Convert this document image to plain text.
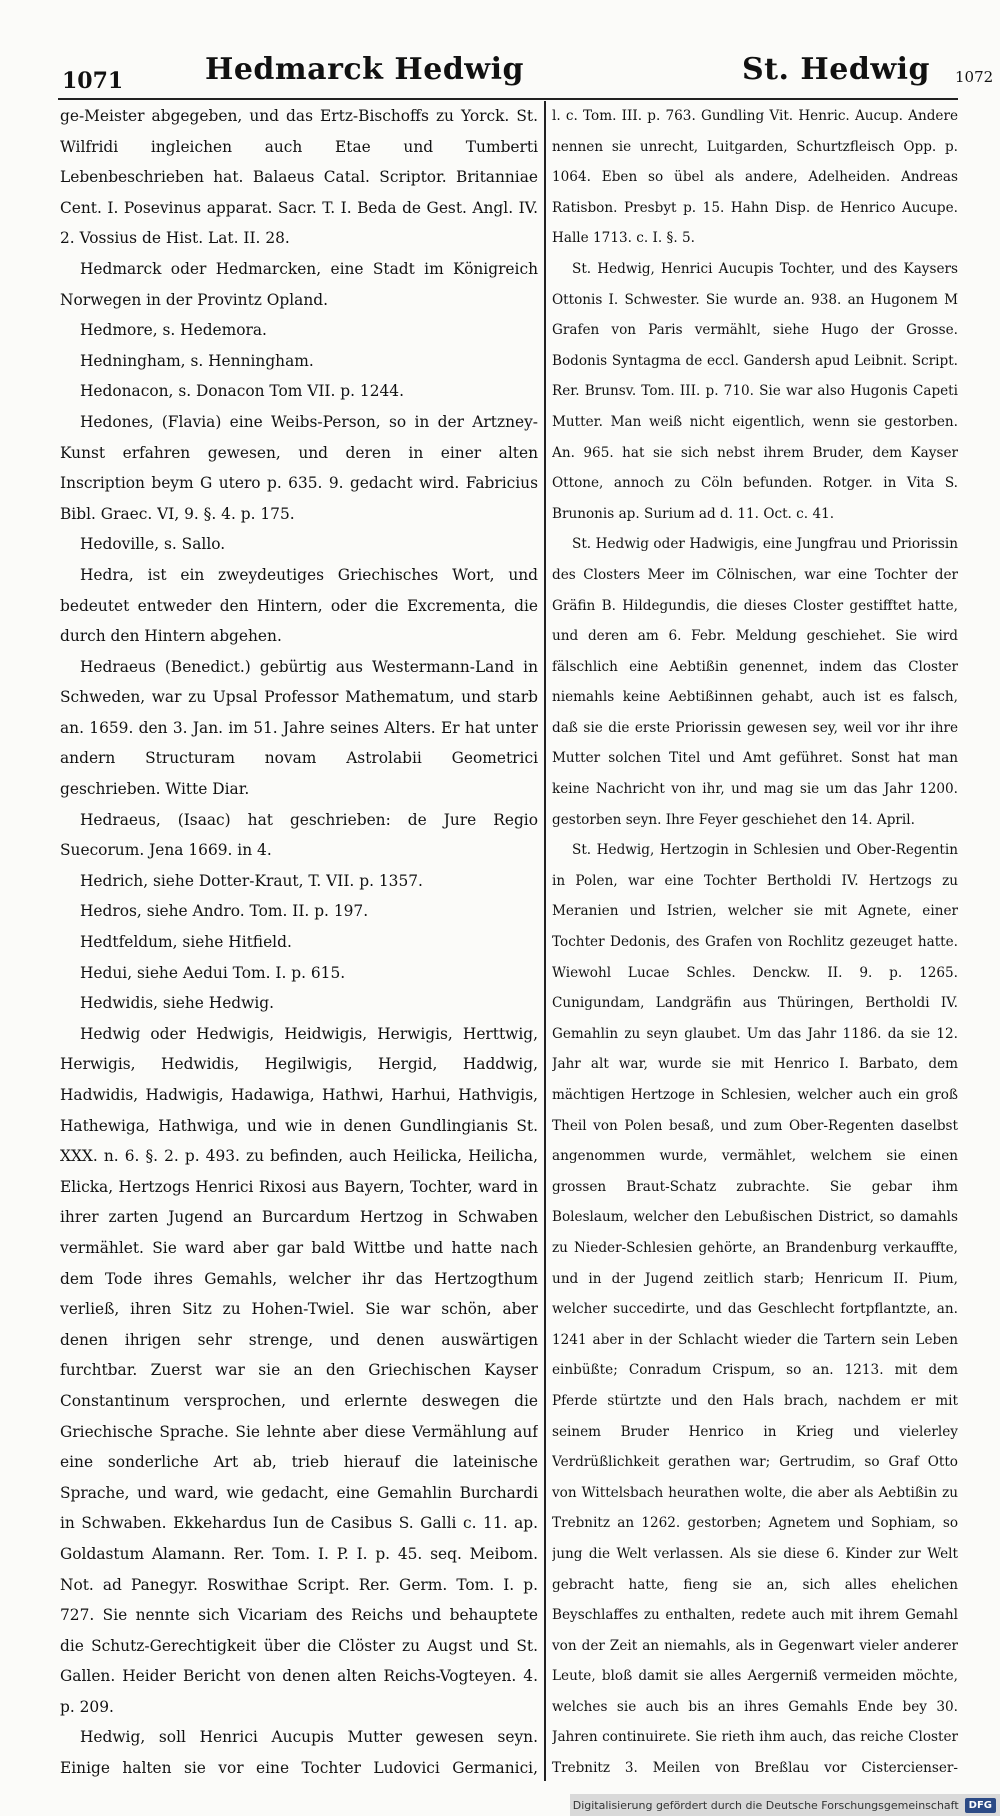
1071	Hedmarck Hedwig	St. Hedwig 1072

ge-Meister abgegeben, und das Ertz-Bischoffs zu Yorck. St. Wilfridi ingleichen auch Etae und Tumberti Lebenbeschrieben hat. Balaeus Catal. Scriptor. Britanniae Cent. I. Posevinus apparat. Sacr. T. I. Beda de Gest. Angl. IV. 2. Vossius de Hist. Lat. II. 28.

Hedmarck oder Hedmarcken, eine Stadt im Königreich Norwegen in der Provintz Opland.

Hedmore, s. Hedemora.

Hedningham, s. Henningham.

Hedonacon, s. Donacon Tom VII. p. 1244.

Hedones, (Flavia) eine Weibs-Person, so in der Artzney-Kunst erfahren gewesen, und deren in einer alten Inscription beym G utero p. 635. 9. gedacht wird. Fabricius Bibl. Graec. VI, 9. §. 4. p. 175.

Hedoville, s. Sallo.

Hedra, ist ein zweydeutiges Griechisches Wort, und bedeutet entweder den Hintern, oder die Excrementa, die durch den Hintern abgehen.

Hedraeus (Benedict.) gebürtig aus Westermann-Land in Schweden, war zu Upsal Professor Mathematum, und starb an. 1659. den 3. Jan. im 51. Jahre seines Alters. Er hat unter andern Structuram novam Astrolabii Geometrici geschrieben. Witte Diar.

Hedraeus, (Isaac) hat geschrieben: de Jure Regio Suecorum. Jena 1669. in 4.

Hedrich, siehe Dotter-Kraut, T. VII. p. 1357.

Hedros, siehe Andro. Tom. II. p. 197.

Hedtfeldum, siehe Hitfield.

Hedui, siehe Aedui Tom. I. p. 615.

Hedwidis, siehe Hedwig.

Hedwig oder Hedwigis, Heidwigis, Herwigis, Herttwig, Herwigis, Hedwidis, Hegilwigis, Hergid, Haddwig, Hadwidis, Hadwigis, Hadawiga, Hathwi, Harhui, Hathvigis, Hathewiga, Hathwiga, und wie in denen Gundlingianis St. XXX. n. 6. §. 2. p. 493. zu befinden, auch Heilicka, Heilicha, Elicka, Hertzogs Henrici Rixosi aus Bayern, Tochter, ward in ihrer zarten Jugend an Burcardum Hertzog in Schwaben vermählet. Sie ward aber gar bald Wittbe und hatte nach dem Tode ihres Gemahls, welcher ihr das Hertzogthum verließ, ihren Sitz zu Hohen-Twiel. Sie war schön, aber denen ihrigen sehr strenge, und denen auswärtigen furchtbar. Zuerst war sie an den Griechischen Kayser Constantinum versprochen, und erlernte deswegen die Griechische Sprache. Sie lehnte aber diese Vermählung auf eine sonderliche Art ab, trieb hierauf die lateinische Sprache, und ward, wie gedacht, eine Gemahlin Burchardi in Schwaben. Ekkehardus Iun de Casibus S. Galli c. 11. ap. Goldastum Alamann. Rer. Tom. I. P. I. p. 45. seq. Meibom. Not. ad Panegyr. Roswithae Script. Rer. Germ. Tom. I. p. 727. Sie nennte sich Vicariam des Reichs und behauptete die Schutz-Gerechtigkeit über die Clöster zu Augst und St. Gallen. Heider Bericht von denen alten Reichs-Vogteyen. 4. p. 209.

Hedwig, soll Henrici Aucupis Mutter gewesen seyn. Einige halten sie vor eine Tochter Ludovici Germanici,

l. c. Tom. III. p. 763. Gundling Vit. Henric. Aucup. Andere nennen sie unrecht, Luitgarden, Schurtzfleisch Opp. p. 1064. Eben so übel als andere, Adelheiden. Andreas Ratisbon. Presbyt p. 15. Hahn Disp. de Henrico Aucupe. Halle 1713. c. I. §. 5.

St. Hedwig, Henrici Aucupis Tochter, und des Kaysers Ottonis I. Schwester. Sie wurde an. 938. an Hugonem M Grafen von Paris vermählt, siehe Hugo der Grosse. Bodonis Syntagma de eccl. Gandersh apud Leibnit. Script. Rer. Brunsv. Tom. III. p. 710. Sie war also Hugonis Capeti Mutter. Man weiß nicht eigentlich, wenn sie gestorben. An. 965. hat sie sich nebst ihrem Bruder, dem Kayser Ottone, annoch zu Cöln befunden. Rotger. in Vita S. Brunonis ap. Surium ad d. 11. Oct. c. 41.

St. Hedwig oder Hadwigis, eine Jungfrau und Priorissin des Closters Meer im Cölnischen, war eine Tochter der Gräfin B. Hildegundis, die dieses Closter gestifftet hatte, und deren am 6. Febr. Meldung geschiehet. Sie wird fälschlich eine Aebtißin genennet, indem das Closter niemahls keine Aebtißinnen gehabt, auch ist es falsch, daß sie die erste Priorissin gewesen sey, weil vor ihr ihre Mutter solchen Titel und Amt geführet. Sonst hat man keine Nachricht von ihr, und mag sie um das Jahr 1200. gestorben seyn. Ihre Feyer geschiehet den 14. April.

St. Hedwig, Hertzogin in Schlesien und Ober-Regentin in Polen, war eine Tochter Bertholdi IV. Hertzogs zu Meranien und Istrien, welcher sie mit Agnete, einer Tochter Dedonis, des Grafen von Rochlitz gezeuget hatte. Wiewohl Lucae Schles. Denckw. II. 9. p. 1265. Cunigundam, Landgräfin aus Thüringen, Bertholdi IV. Gemahlin zu seyn glaubet. Um das Jahr 1186. da sie 12. Jahr alt war, wurde sie mit Henrico I. Barbato, dem mächtigen Hertzoge in Schlesien, welcher auch ein groß Theil von Polen besaß, und zum Ober-Regenten daselbst angenommen wurde, vermählet, welchem sie einen grossen Braut-Schatz zubrachte. Sie gebar ihm Boleslaum, welcher den Lebußischen District, so damahls zu Nieder-Schlesien gehörte, an Brandenburg verkauffte, und in der Jugend zeitlich starb; Henricum II. Pium, welcher succedirte, und das Geschlecht fortpflantzte, an. 1241 aber in der Schlacht wieder die Tartern sein Leben einbüßte; Conradum Crispum, so an. 1213. mit dem Pferde stürtzte und den Hals brach, nachdem er mit seinem Bruder Henrico in Krieg und vielerley Verdrüßlichkeit gerathen war; Gertrudim, so Graf Otto von Wittelsbach heurathen wolte, die aber als Aebtißin zu Trebnitz an 1262. gestorben; Agnetem und Sophiam, so jung die Welt verlassen. Als sie diese 6. Kinder zur Welt gebracht hatte, fieng sie an, sich alles ehelichen Beyschlaffes zu enthalten, redete auch mit ihrem Gemahl von der Zeit an niemahls, als in Gegenwart vieler anderer Leute, bloß damit sie alles Aergerniß vermeiden möchte, welches sie auch bis an ihres Gemahls Ende bey 30. Jahren continuirete. Sie rieth ihm auch, das reiche Closter Trebnitz 3. Meilen von Breßlau vor Cistercienser-

Digitalisierung gefördert durch die Deutsche Forschungsgemeinschaft	DFG
